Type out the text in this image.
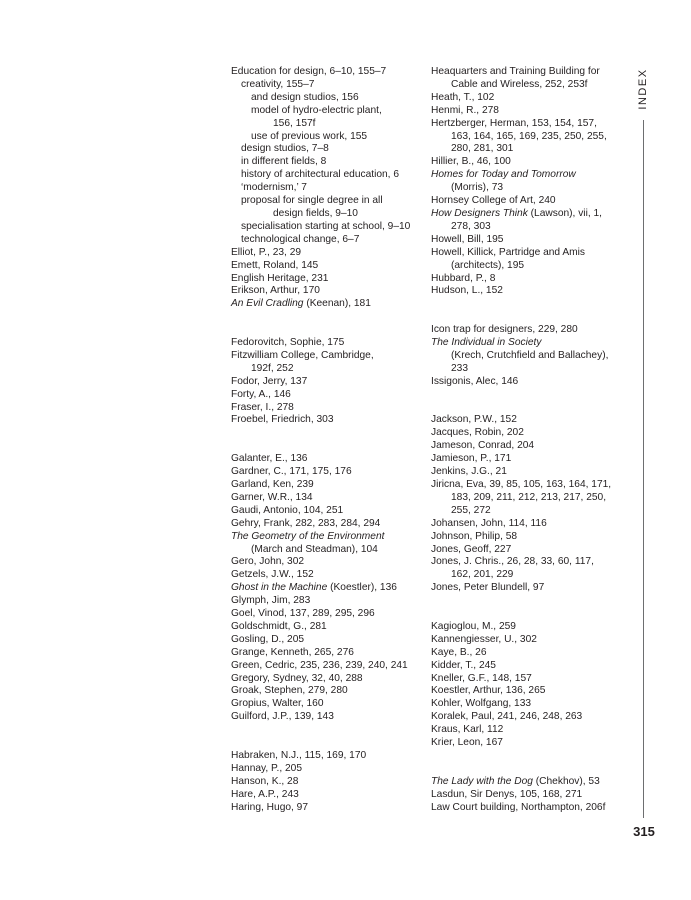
Education for design, 6–10, 155–7
creativity, 155–7
and design studios, 156
model of hydro-electric plant,
156, 157f
use of previous work, 155
design studios, 7–8
in different fields, 8
history of architectural education, 6
‘modernism,’ 7
proposal for single degree in all
design fields, 9–10
specialisation starting at school, 9–10
technological change, 6–7
Elliot, P., 23, 29
Emett, Roland, 145
English Heritage, 231
Erikson, Arthur, 170
An Evil Cradling (Keenan), 181
Fedorovitch, Sophie, 175
Fitzwilliam College, Cambridge,
192f, 252
Fodor, Jerry, 137
Forty, A., 146
Fraser, I., 278
Froebel, Friedrich, 303
Galanter, E., 136
Gardner, C., 171, 175, 176
Garland, Ken, 239
Garner, W.R., 134
Gaudi, Antonio, 104, 251
Gehry, Frank, 282, 283, 284, 294
The Geometry of the Environment
(March and Steadman), 104
Gero, John, 302
Getzels, J.W., 152
Ghost in the Machine (Koestler), 136
Glymph, Jim, 283
Goel, Vinod, 137, 289, 295, 296
Goldschmidt, G., 281
Gosling, D., 205
Grange, Kenneth, 265, 276
Green, Cedric, 235, 236, 239, 240, 241
Gregory, Sydney, 32, 40, 288
Groak, Stephen, 279, 280
Gropius, Walter, 160
Guilford, J.P., 139, 143
Habraken, N.J., 115, 169, 170
Hannay, P., 205
Hanson, K., 28
Hare, A.P., 243
Haring, Hugo, 97
Heaquarters and Training Building for
Cable and Wireless, 252, 253f
Heath, T., 102
Henmi, R., 278
Hertzberger, Herman, 153, 154, 157,
163, 164, 165, 169, 235, 250, 255,
280, 281, 301
Hillier, B., 46, 100
Homes for Today and Tomorrow
(Morris), 73
Hornsey College of Art, 240
How Designers Think (Lawson), vii, 1,
278, 303
Howell, Bill, 195
Howell, Killick, Partridge and Amis
(architects), 195
Hubbard, P., 8
Hudson, L., 152
Icon trap for designers, 229, 280
The Individual in Society
(Krech, Crutchfield and Ballachey),
233
Issigonis, Alec, 146
Jackson, P.W., 152
Jacques, Robin, 202
Jameson, Conrad, 204
Jamieson, P., 171
Jenkins, J.G., 21
Jiricna, Eva, 39, 85, 105, 163, 164, 171,
183, 209, 211, 212, 213, 217, 250,
255, 272
Johansen, John, 114, 116
Johnson, Philip, 58
Jones, Geoff, 227
Jones, J. Chris., 26, 28, 33, 60, 117,
162, 201, 229
Jones, Peter Blundell, 97
Kagioglou, M., 259
Kannengiesser, U., 302
Kaye, B., 26
Kidder, T., 245
Kneller, G.F., 148, 157
Koestler, Arthur, 136, 265
Kohler, Wolfgang, 133
Koralek, Paul, 241, 246, 248, 263
Kraus, Karl, 112
Krier, Leon, 167
The Lady with the Dog (Chekhov), 53
Lasdun, Sir Denys, 105, 168, 271
Law Court building, Northampton, 206f
INDEX
315
